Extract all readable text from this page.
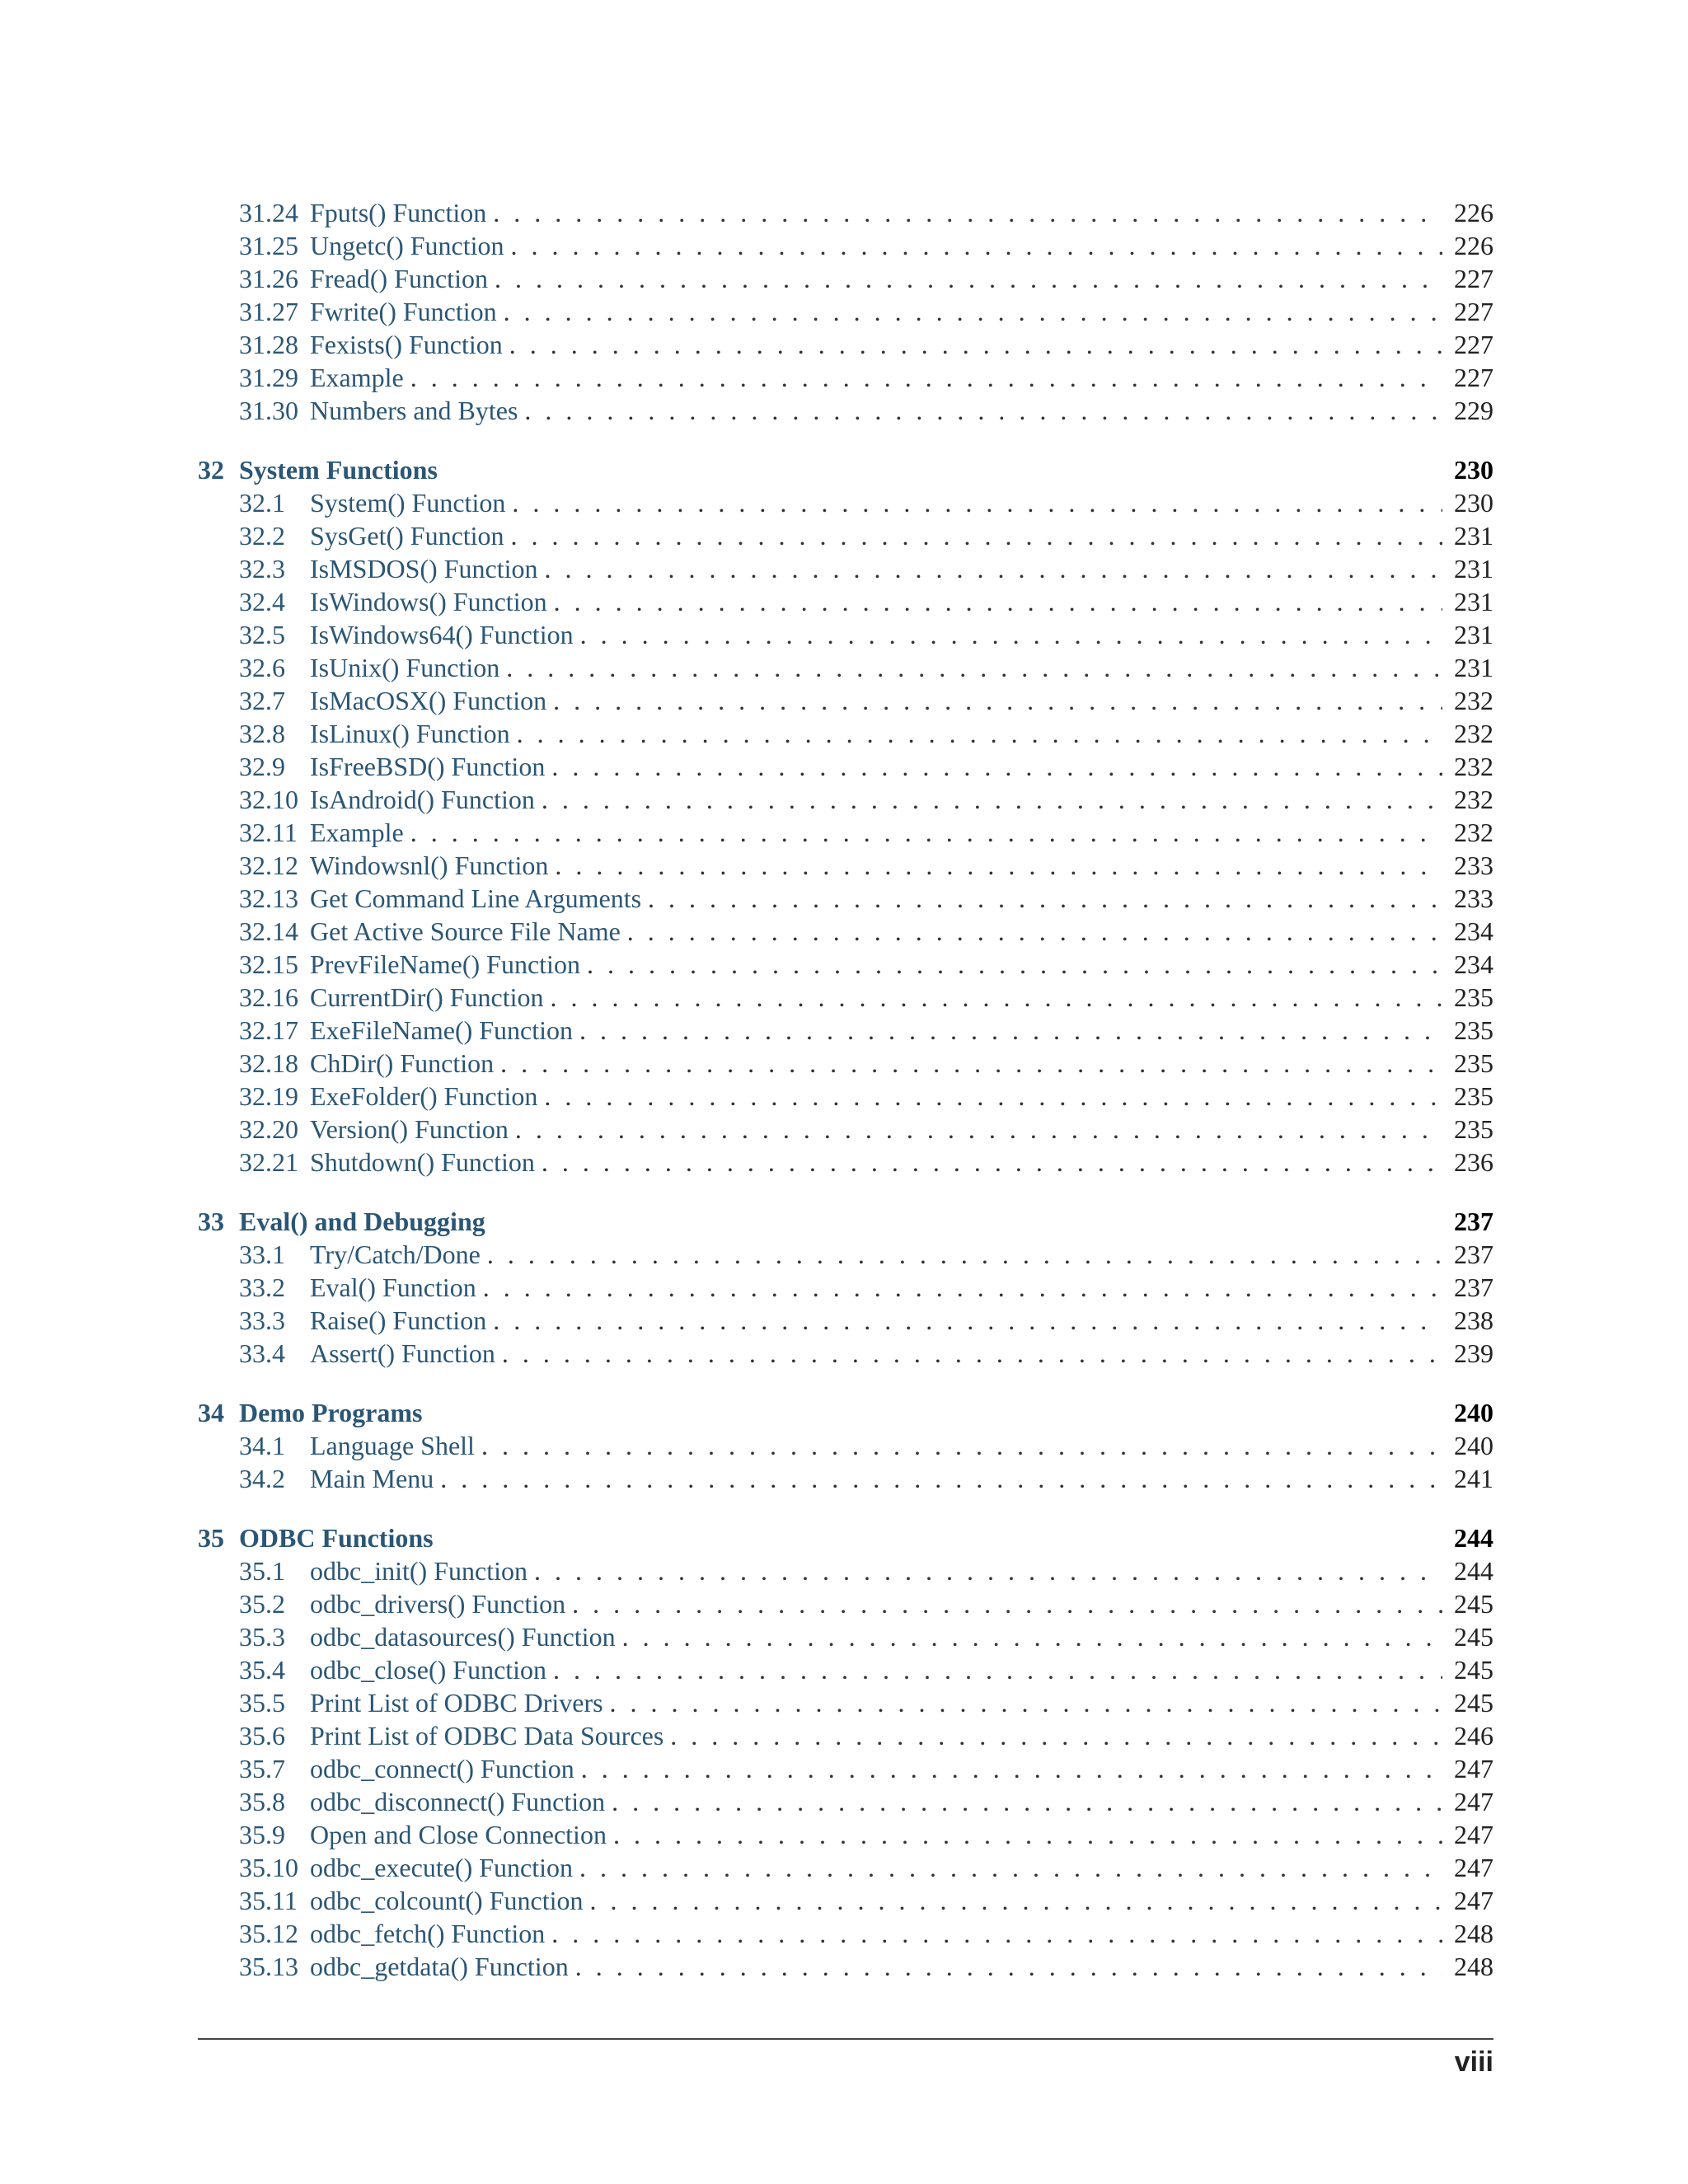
31.24 Fputs() Function . . .	226
31.25 Ungetc() Function . . .	226
31.26 Fread() Function . . .	227
31.27 Fwrite() Function . . .	227
31.28 Fexists() Function . . .	227
31.29 Example . . .	227
31.30 Numbers and Bytes . . .	229
32 System Functions	230
32.1 System() Function . . .	230
32.2 SysGet() Function . . .	231
32.3 IsMSDOS() Function . . .	231
32.4 IsWindows() Function . . .	231
32.5 IsWindows64() Function . . .	231
32.6 IsUnix() Function . . .	231
32.7 IsMacOSX() Function . . .	232
32.8 IsLinux() Function . . .	232
32.9 IsFreeBSD() Function . . .	232
32.10 IsAndroid() Function . . .	232
32.11 Example . . .	232
32.12 Windowsnl() Function . . .	233
32.13 Get Command Line Arguments . . .	233
32.14 Get Active Source File Name . . .	234
32.15 PrevFileName() Function . . .	234
32.16 CurrentDir() Function . . .	235
32.17 ExeFileName() Function . . .	235
32.18 ChDir() Function . . .	235
32.19 ExeFolder() Function . . .	235
32.20 Version() Function . . .	235
32.21 Shutdown() Function . . .	236
33 Eval() and Debugging	237
33.1 Try/Catch/Done . . .	237
33.2 Eval() Function . . .	237
33.3 Raise() Function . . .	238
33.4 Assert() Function . . .	239
34 Demo Programs	240
34.1 Language Shell . . .	240
34.2 Main Menu . . .	241
35 ODBC Functions	244
35.1 odbc_init() Function . . .	244
35.2 odbc_drivers() Function . . .	245
35.3 odbc_datasources() Function . . .	245
35.4 odbc_close() Function . . .	245
35.5 Print List of ODBC Drivers . . .	245
35.6 Print List of ODBC Data Sources . . .	246
35.7 odbc_connect() Function . . .	247
35.8 odbc_disconnect() Function . . .	247
35.9 Open and Close Connection . . .	247
35.10 odbc_execute() Function . . .	247
35.11 odbc_colcount() Function . . .	247
35.12 odbc_fetch() Function . . .	248
35.13 odbc_getdata() Function . . .	248
viii
